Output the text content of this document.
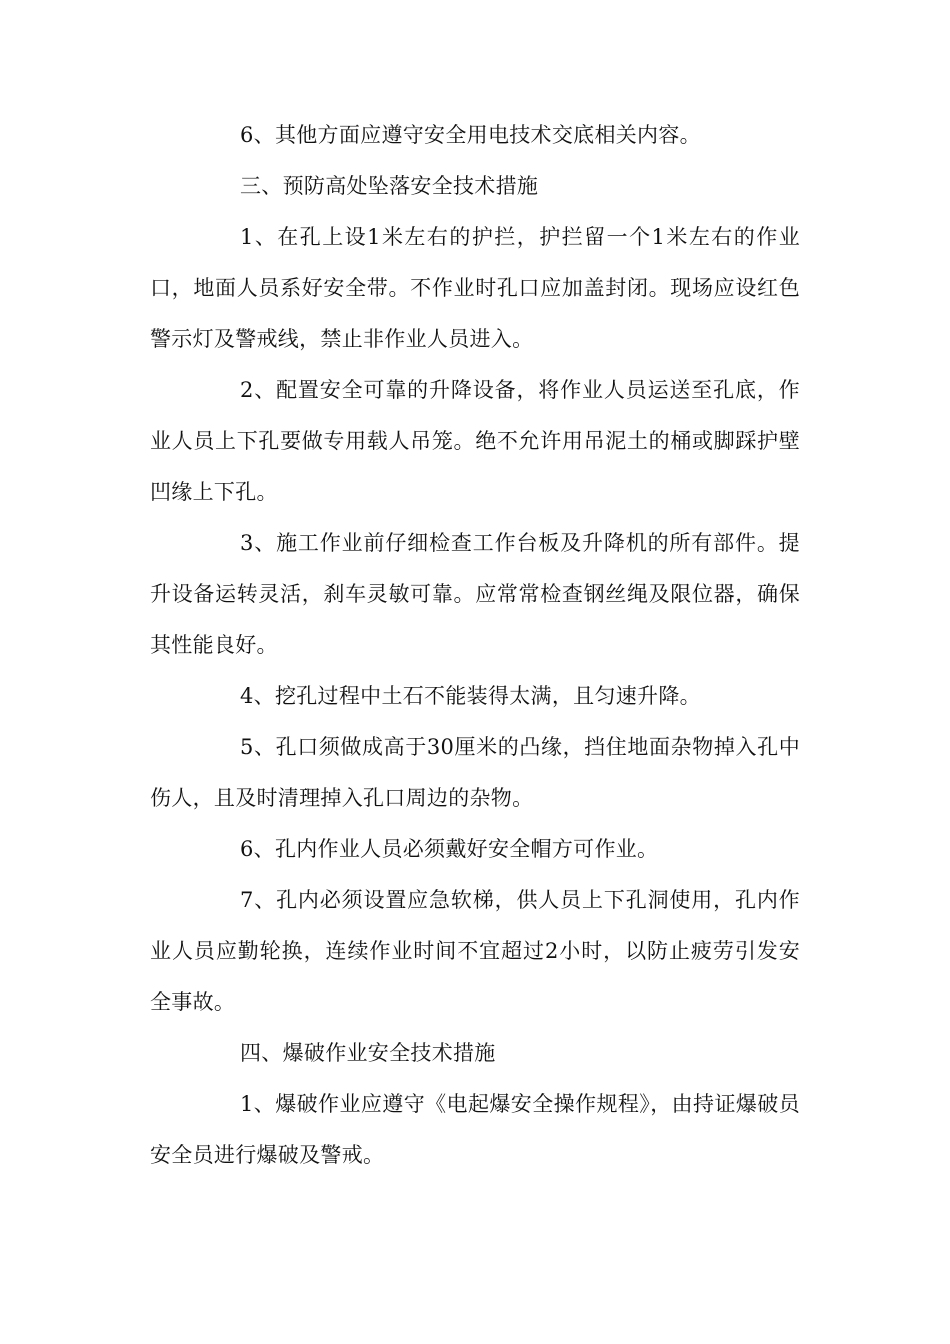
6、其他方面应遵守安全用电技术交底相关内容。

三、预防高处坠落安全技术措施

1、在孔上设1米左右的护拦，护拦留一个1米左右的作业口，地面人员系好安全带。不作业时孔口应加盖封闭。现场应设红色警示灯及警戒线，禁止非作业人员进入。

2、配置安全可靠的升降设备，将作业人员运送至孔底，作业人员上下孔要做专用载人吊笼。绝不允许用吊泥土的桶或脚踩护壁凹缘上下孔。

3、施工作业前仔细检查工作台板及升降机的所有部件。提升设备运转灵活，刹车灵敏可靠。应常常检查钢丝绳及限位器，确保其性能良好。

4、挖孔过程中土石不能装得太满，且匀速升降。

5、孔口须做成高于30厘米的凸缘，挡住地面杂物掉入孔中伤人，且及时清理掉入孔口周边的杂物。

6、孔内作业人员必须戴好安全帽方可作业。

7、孔内必须设置应急软梯，供人员上下孔洞使用，孔内作业人员应勤轮换，连续作业时间不宜超过2小时，以防止疲劳引发安全事故。

四、爆破作业安全技术措施

1、爆破作业应遵守《电起爆安全操作规程》，由持证爆破员安全员进行爆破及警戒。
